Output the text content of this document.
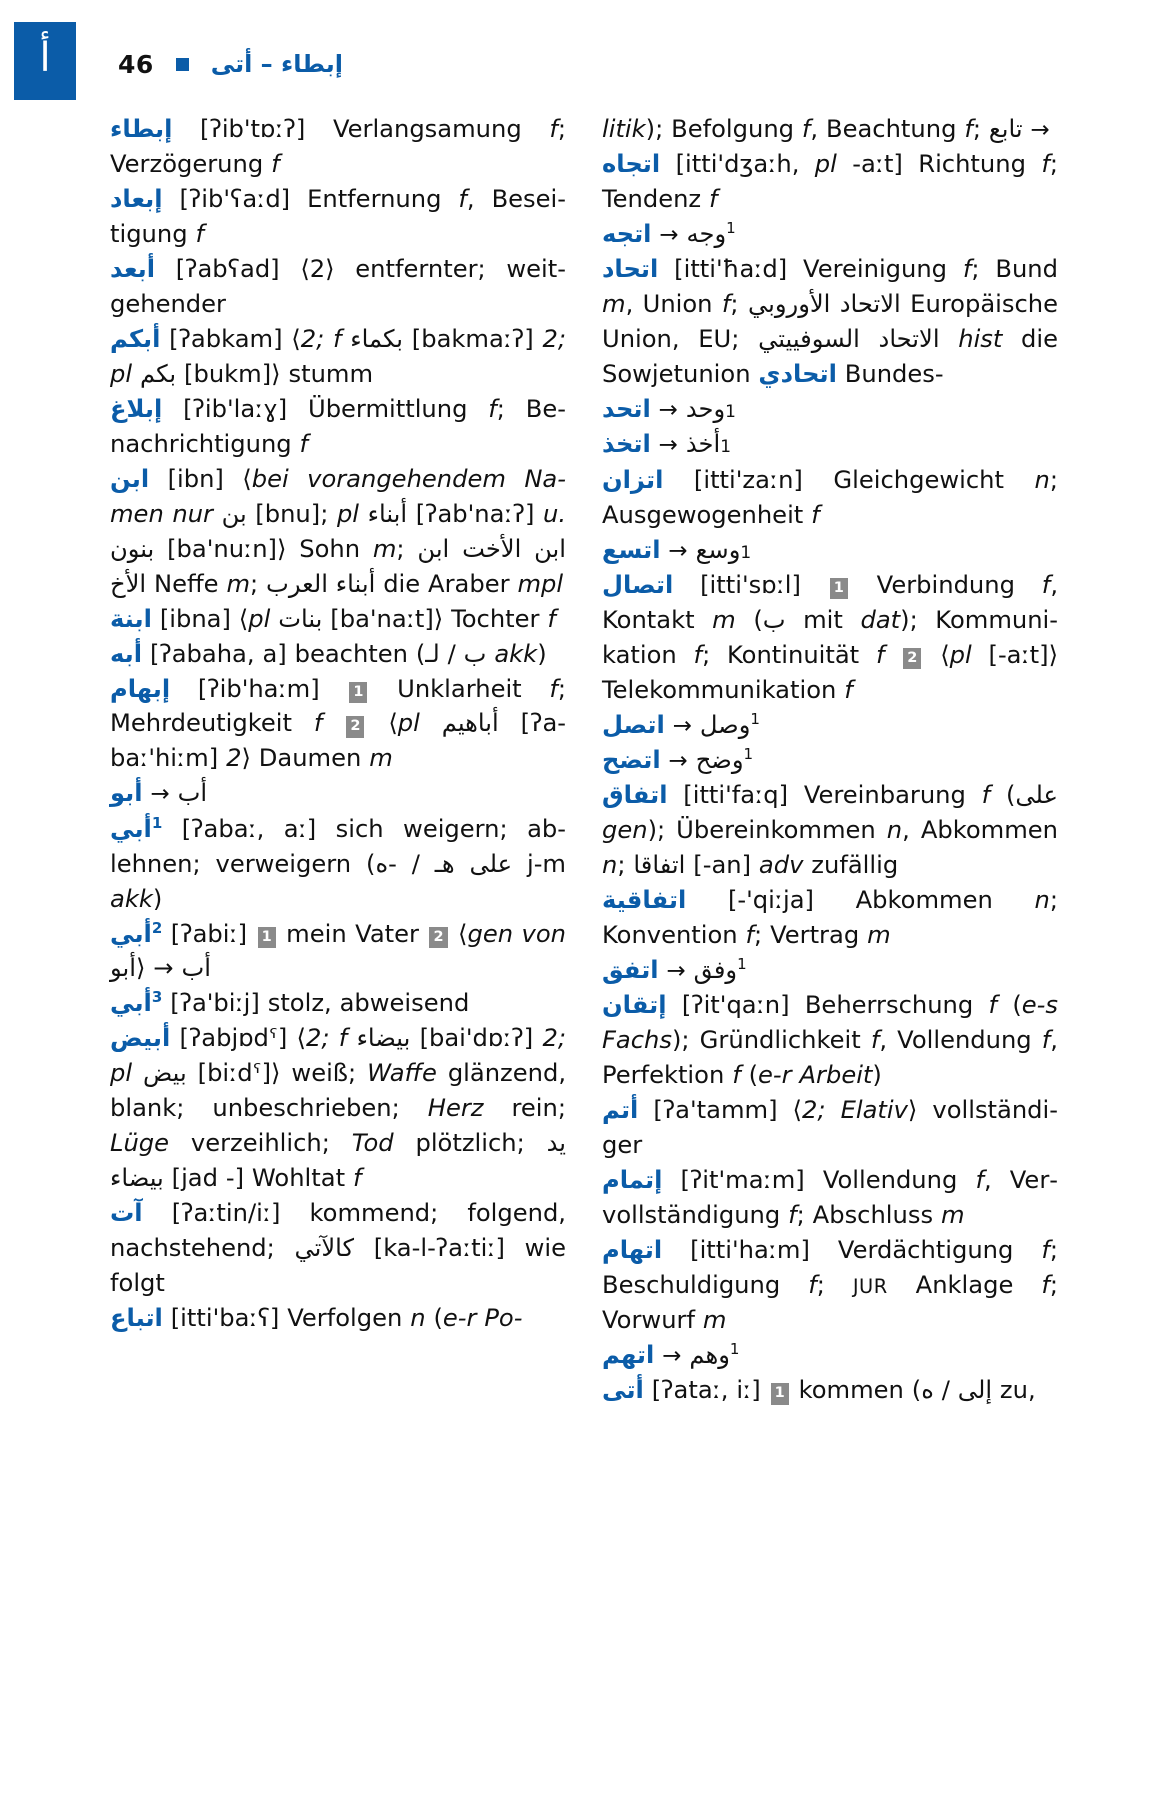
أ	46 إبطاء – أتى

إبطاء [ʔib'tɒːʔ] Verlangsamung f; Verzögerung f

إبعاد [ʔib'ʕaːd] Entfernung f, Beseitigung f

أبعد [ʔabʕad] ⟨2⟩ entfernter; weitgehender

أبكم [ʔabkam] ⟨2; f بكماء [bakmaːʔ] 2; pl بكم [bukm]⟩ stumm

إبلاغ [ʔib'laːɣ] Übermittlung f; Benachrichtigung f

ابن [ibn] ⟨bei vorangehendem Namen nur بن [bnu]; pl أبناء [ʔab'naːʔ] u. بنون [ba'nuːn]⟩ Sohn m; ابن الأخت ابن الأخ Neffe m; أبناء العرب die Araber mpl

ابنة [ibna] ⟨pl بنات [ba'naːt]⟩ Tochter f

أبه [ʔabaha, a] beachten (ب / لـ akk)

إبهام [ʔib'haːm] 1 Unklarheit f; Mehrdeutigkeit f 2 ⟨pl أباهيم [ʔabaː'hiːm] 2⟩ Daumen m

أبو → أب

أبي$^1$ [ʔabaː, aː] sich weigern; ablehnen; verweigern (على هـ / -ه j-m akk)

أبي$^2$ [ʔabiː] 1 mein Vater 2 ⟨gen von أبو⟩ → أب

أبي$^3$ [ʔa'biːj] stolz, abweisend

أبيض [ʔabjɒdˤ] ⟨2; f بيضاء [bai'dɒːʔ] 2; pl بيض [biːdˤ]⟩ weiß; Waffe glänzend, blank; unbeschrieben; Herz rein; Lüge verzeihlich; Tod plötzlich; يد بيضاء [jad -] Wohltat f

آت [ʔaːtin/iː] kommend; folgend, nachstehend; كالآتي [ka-l-ʔaːtiː] wie folgt

اتباع [itti'baːʕ] Verfolgen n (e-r Po-

litik); Befolgung f, Beachtung f; تابع →

اتجاه [itti'dʒaːh, pl -aːt] Richtung f; Tendenz f

اتجه → وجه$^1$

اتحاد [itti'ħaːd] Vereinigung f; Bund m, Union f; الاتحاد الأوروبي Europäische Union, EU; الاتحاد السوفييتي hist die Sowjetunion اتحادي Bundes-

اتحد → وحد1

اتخذ → أخذ1

اتزان [itti'zaːn] Gleichgewicht n; Ausgewogenheit f

اتسع → وسع1

اتصال [itti'sɒːl] 1 Verbindung f, Kontakt m (ب mit dat); Kommunikation f; Kontinuität f 2 ⟨pl [-aːt]⟩ Telekommunikation f

اتصل → وصل$^1$

اتضح → وضح$^1$

اتفاق [itti'faːq] Vereinbarung f (على gen); Übereinkommen n, Abkommen n; اتفاقا [-an] adv zufällig

اتفاقية [-'qiːja] Abkommen n; Konvention f; Vertrag m

اتفق → وفق$^1$

إتقان [ʔit'qaːn] Beherrschung f (e-s Fachs); Gründlichkeit f, Vollendung f, Perfektion f (e-r Arbeit)

أتم [ʔa'tamm] ⟨2; Elativ⟩ vollständiger

إتمام [ʔit'maːm] Vollendung f, Vervollständigung f; Abschluss m

اتهام [itti'haːm] Verdächtigung f; Beschuldigung f; JUR Anklage f; Vorwurf m

اتهم → وهم$^1$

أتى [ʔataː, iː] 1 kommen (إلى / ه zu,
